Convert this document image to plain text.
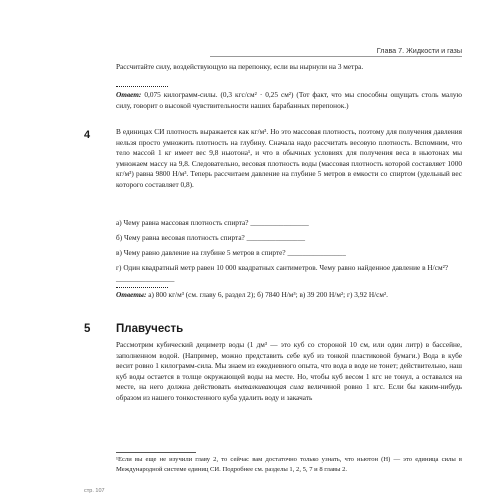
Глава 7. Жидкости и газы
Рассчитайте силу, воздействующую на перепонку, если вы нырнули на 3 метра.
Ответ: 0,075 килограмм-силы. (0,3 кгс/см² · 0,25 см²) (Тот факт, что мы способны ощущать столь малую силу, говорит о высокой чувствительности наших барабанных перепонок.)
4	В единицах СИ плотность выражается как кг/м³. Но это массовая плотность, поэтому для получения давления нельзя просто умножить плотность на глубину. Сначала надо рассчитать весовую плотность. Вспомним, что тело массой 1 кг имеет вес 9,8 ньютона¹, и что в обычных условиях для получения веса в ньютонах мы умножаем массу на 9,8. Следовательно, весовая плотность воды (массовая плотность которой составляет 1000 кг/м³) равна 9800 Н/м³. Теперь рассчитаем давление на глубине 5 метров в емкости со спиртом (удельный вес которого составляет 0,8).
а) Чему равна массовая плотность спирта? ________________
б) Чему равна весовая плотность спирта? ________________
в) Чему равно давление на глубине 5 метров в спирте? ________________
г) Один квадратный метр равен 10 000 квадратных сантиметров. Чему равно найденное давление в Н/см²? ________________
Ответы: а) 800 кг/м³ (см. главу 6, раздел 2); б) 7840 Н/м³; в) 39 200 Н/м²; г) 3,92 Н/см².
5 Плавучесть
Рассмотрим кубический дециметр воды (1 дм³ — это куб со стороной 10 см, или один литр) в бассейне, заполненном водой. (Например, можно представить себе куб из тонкой пластиковой бумаги.) Вода в кубе весит ровно 1 килограмм-сила. Мы знаем из ежедневного опыта, что вода в воде не тонет; действительно, наш куб воды остается в толще окружающей воды на месте. Но, чтобы куб весом 1 кгс не тонул, а оставался на месте, на него должна действовать выталкивающая сила величиной ровно 1 кгс. Если бы каким-нибудь образом из нашего тонкостенного куба удалить воду и закачать
¹Если вы еще не изучили главу 2, то сейчас вам достаточно только узнать, что ньютон (Н) — это единица силы в Международной системе единиц СИ. Подробнее см. разделы 1, 2, 5, 7 и 8 главы 2.
стр. 107
